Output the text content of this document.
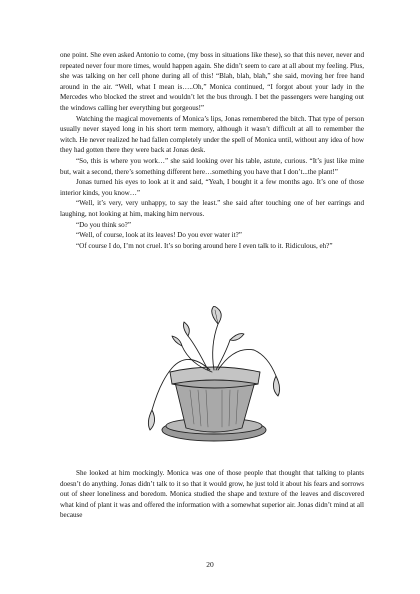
one point. She even asked Antonio to come, (my boss in situations like these), so that this never, never and repeated never four more times, would happen again. She didn’t seem to care at all about my feeling. Plus, she was talking on her cell phone during all of this! “Blah, blah, blah,” she said, moving her free hand around in the air. “Well, what I mean is…..Oh,” Monica continued, “I forgot about your lady in the Mercedes who blocked the street and wouldn’t let the bus through. I bet the passengers were hanging out the windows calling her everything but gorgeous!”

Watching the magical movements of Monica’s lips, Jonas remembered the bitch. That type of person usually never stayed long in his short term memory, although it wasn’t difficult at all to remember the witch. He never realized he had fallen completely under the spell of Monica until, without any idea of how they had gotten there they were back at Jonas desk.

“So, this is where you work…” she said looking over his table, astute, curious. “It’s just like mine but, wait a second, there’s something different here…something you have that I don’t...the plant!”

Jonas turned his eyes to look at it and said, “Yeah, I bought it a few months ago. It’s one of those interior kinds, you know…”

“Well, it’s very, very unhappy, to say the least.” she said after touching one of her earrings and laughing, not looking at him, making him nervous.

“Do you think so?”

“Well, of course, look at its leaves! Do you ever water it?”

“Of course I do, I’m not cruel. It’s so boring around here I even talk to it. Ridiculous, eh?”

She looked at him mockingly. Monica was one of those people that thought that talking to plants doesn’t do anything. Jonas didn’t talk to it so that it would grow, he just told it about his fears and sorrows out of sheer loneliness and boredom. Monica studied the shape and texture of the leaves and discovered what kind of plant it was and offered the information with a somewhat superior air. Jonas didn’t mind at all because

20
